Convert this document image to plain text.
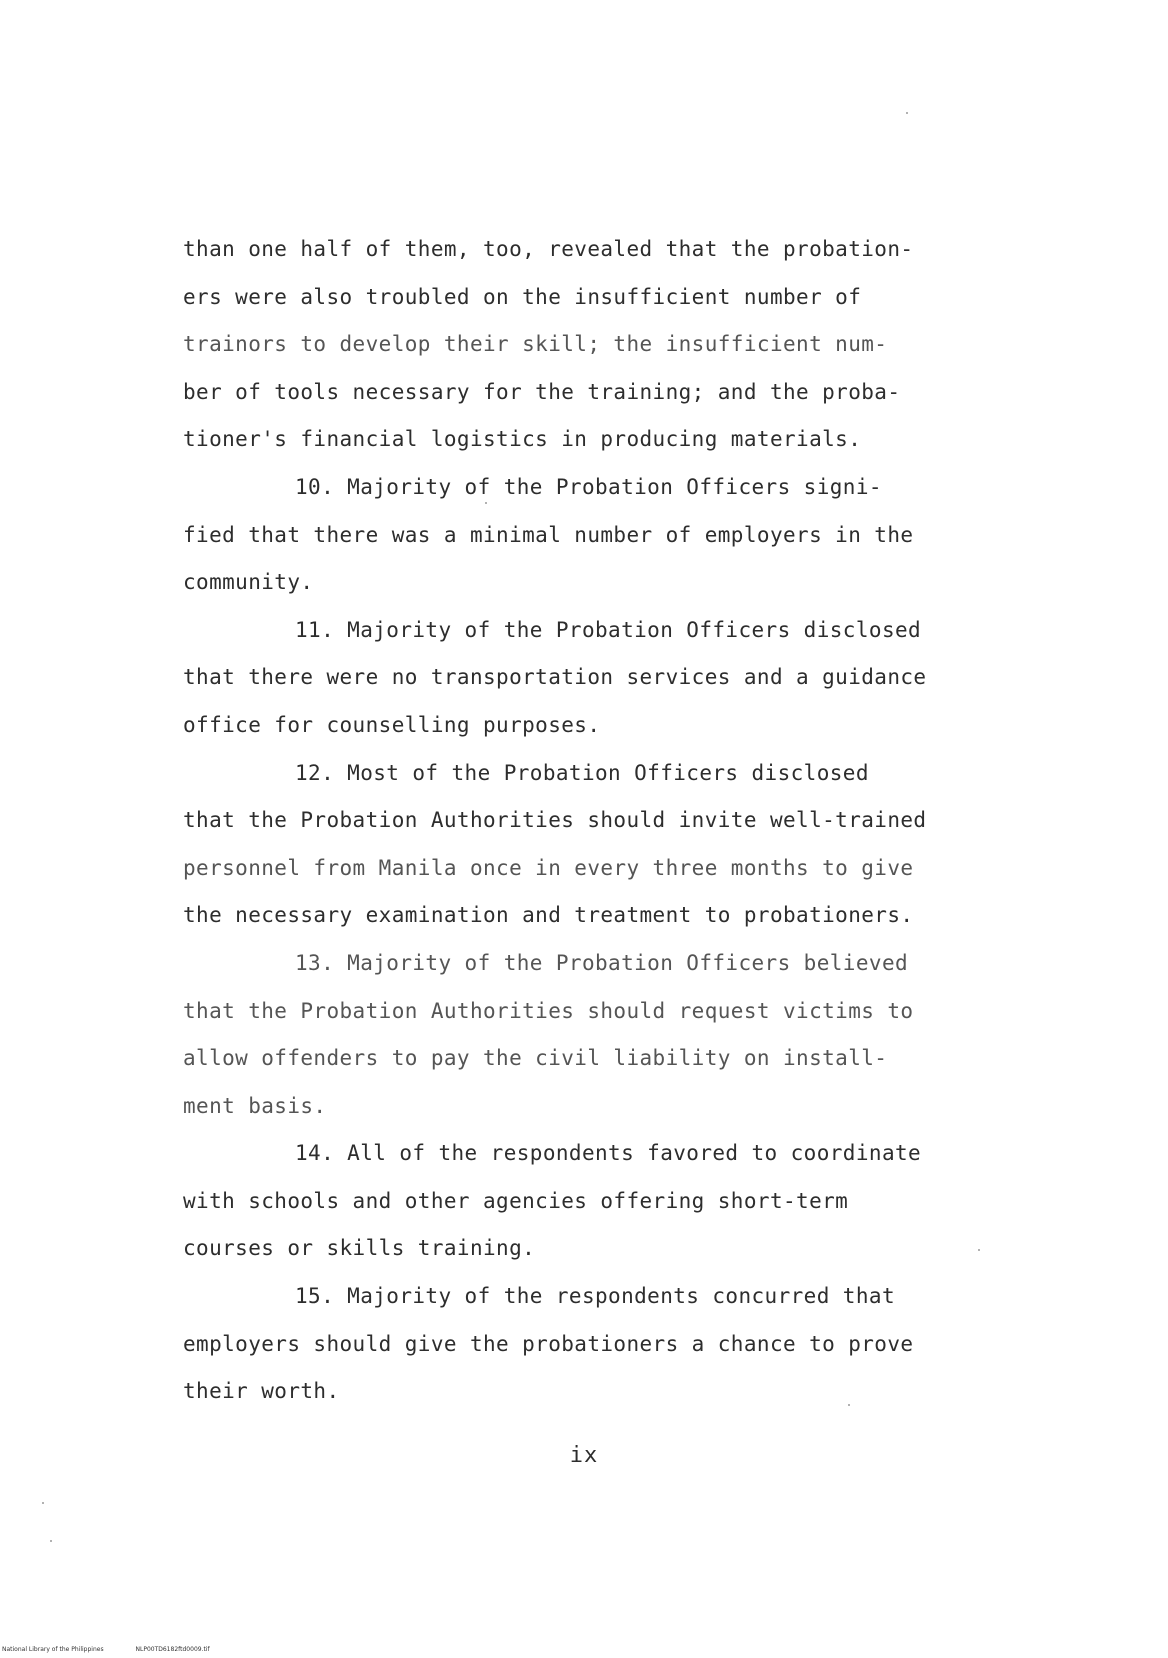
than one half of them, too, revealed that the probation-
ers were also troubled on the insufficient number of
trainors to develop their skill; the insufficient num-
ber of tools necessary for the training; and the proba-
tioner's financial logistics in producing materials.
10. Majority of the Probation Officers signi-
fied that there was a minimal number of employers in the
community.
11. Majority of the Probation Officers disclosed
that there were no transportation services and a guidance
office for counselling purposes.
12. Most of the Probation Officers disclosed
that the Probation Authorities should invite well-trained
personnel from Manila once in every three months to give
the necessary examination and treatment to probationers.
13. Majority of the Probation Officers believed
that the Probation Authorities should request victims to
allow offenders to pay the civil liability on install-
ment basis.
14. All of the respondents favored to coordinate
with schools and other agencies offering short-term
courses or skills training.
15. Majority of the respondents concurred that
employers should give the probationers a chance to prove
their worth.
ix
National Library of the Philippines	NLP00TD6182ftd0009.tif
